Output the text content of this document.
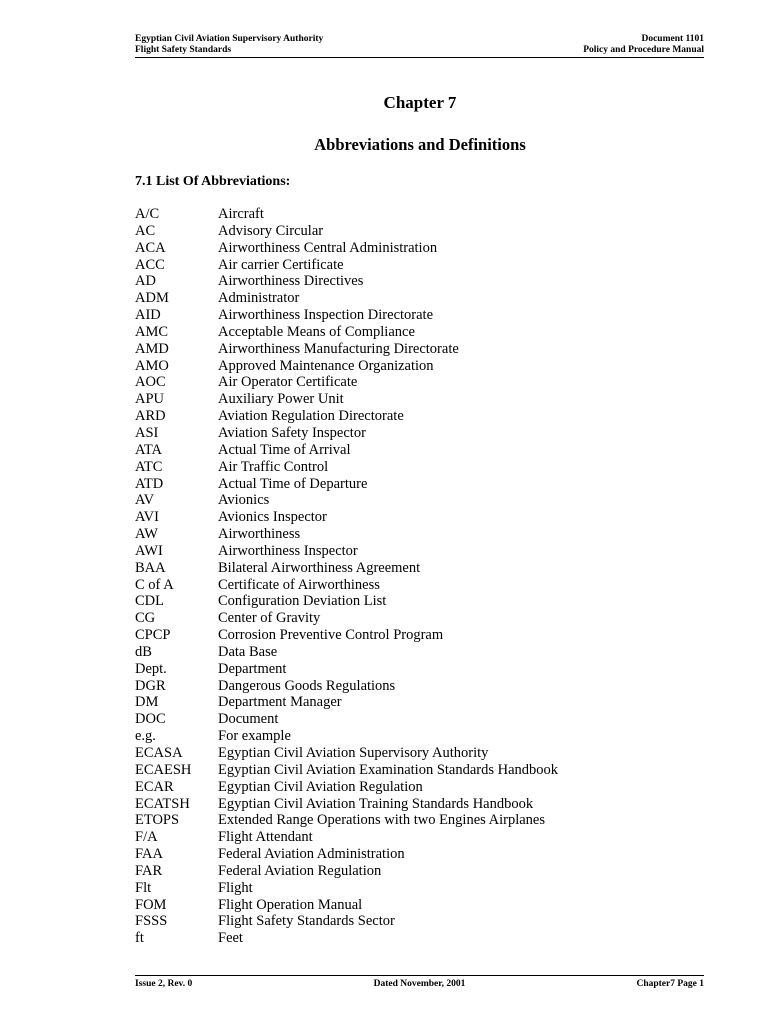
Egyptian Civil Aviation Supervisory Authority	Document 1101
Flight Safety Standards	Policy and Procedure Manual
Chapter 7
Abbreviations and Definitions
7.1 List Of Abbreviations:
A/C	Aircraft
AC	Advisory Circular
ACA	Airworthiness Central Administration
ACC	Air carrier Certificate
AD	Airworthiness Directives
ADM	Administrator
AID	Airworthiness Inspection Directorate
AMC	Acceptable Means of Compliance
AMD	Airworthiness Manufacturing Directorate
AMO	Approved Maintenance Organization
AOC	Air Operator Certificate
APU	Auxiliary Power Unit
ARD	Aviation Regulation Directorate
ASI	Aviation Safety Inspector
ATA	Actual Time of Arrival
ATC	Air Traffic Control
ATD	Actual Time of Departure
AV	Avionics
AVI	Avionics Inspector
AW	Airworthiness
AWI	Airworthiness Inspector
BAA	Bilateral Airworthiness Agreement
C of A	Certificate of Airworthiness
CDL	Configuration Deviation List
CG	Center of Gravity
CPCP	Corrosion Preventive Control Program
dB	Data Base
Dept.	Department
DGR	Dangerous Goods Regulations
DM	Department Manager
DOC	Document
e.g.	For example
ECASA	Egyptian Civil Aviation Supervisory Authority
ECAESH	Egyptian Civil Aviation Examination Standards Handbook
ECAR	Egyptian Civil Aviation Regulation
ECATSH	Egyptian Civil Aviation Training Standards Handbook
ETOPS	Extended Range Operations with two Engines Airplanes
F/A	Flight Attendant
FAA	Federal Aviation Administration
FAR	Federal Aviation Regulation
Flt	Flight
FOM	Flight Operation Manual
FSSS	Flight Safety Standards Sector
ft	Feet
Issue 2, Rev. 0	Dated November, 2001	Chapter7 Page 1
